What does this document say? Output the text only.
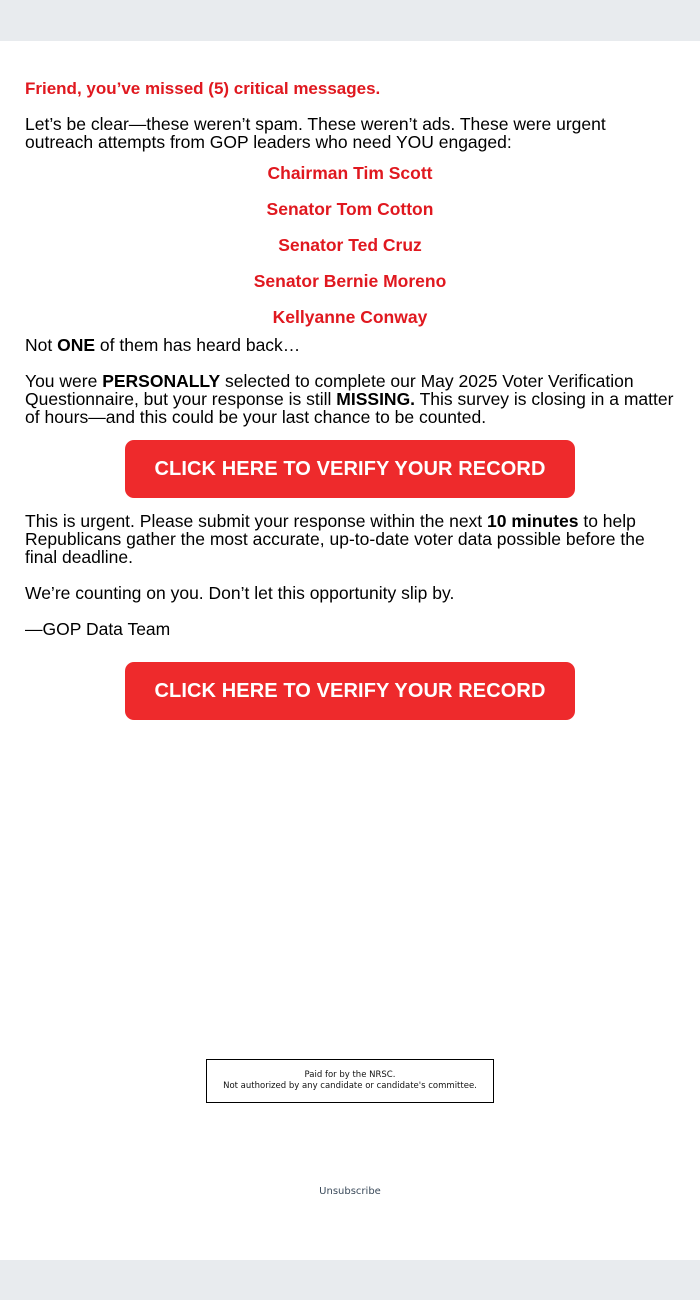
Friend, you’ve missed (5) critical messages.

Let’s be clear—these weren’t spam. These weren’t ads. These were urgent outreach attempts from GOP leaders who need YOU engaged:

Chairman Tim Scott
Senator Tom Cotton
Senator Ted Cruz
Senator Bernie Moreno
Kellyanne Conway

Not ONE of them has heard back…

You were PERSONALLY selected to complete our May 2025 Voter Verification Questionnaire, but your response is still MISSING. This survey is closing in a matter of hours—and this could be your last chance to be counted.

CLICK HERE TO VERIFY YOUR RECORD

This is urgent. Please submit your response within the next 10 minutes to help Republicans gather the most accurate, up-to-date voter data possible before the final deadline.

We’re counting on you. Don’t let this opportunity slip by.

—GOP Data Team

CLICK HERE TO VERIFY YOUR RECORD
Paid for by the NRSC.
Not authorized by any candidate or candidate's committee.
Unsubscribe
